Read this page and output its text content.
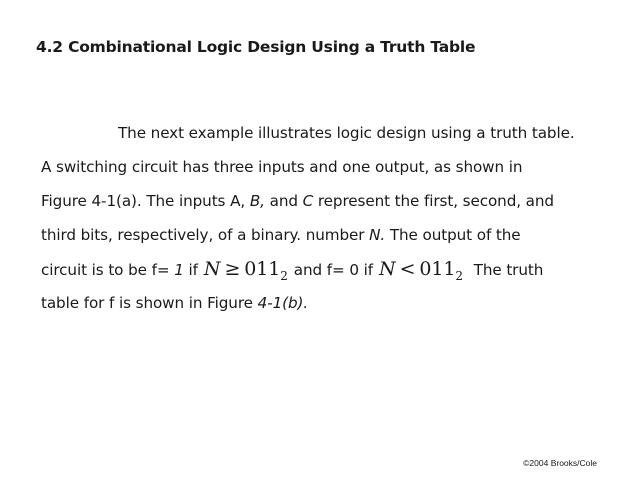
4.2 Combinational Logic Design Using a Truth Table
The next example illustrates logic design using a truth table.
A switching circuit has three inputs and one output, as shown in
Figure 4-1(a). The inputs A, B, and C represent the first, second, and
third bits, respectively, of a binary. number N. The output of the
circuit is to be f= 1 if $N \ge 011_2$ and f= 0 if $N < 011_2$ The truth
table for f is shown in Figure 4-1(b).
©2004 Brooks/Cole
